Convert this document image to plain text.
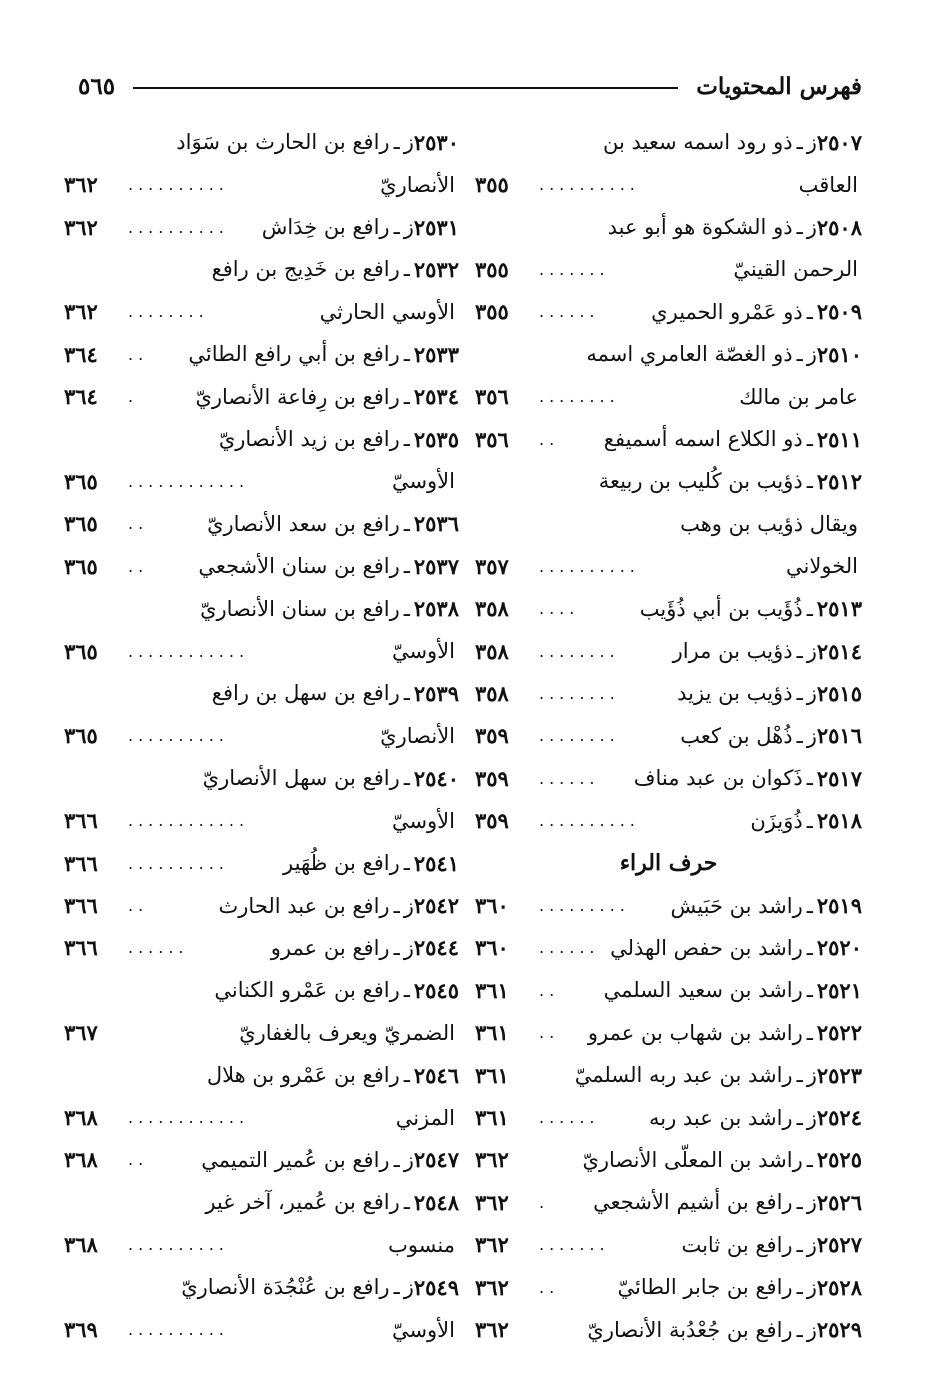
فهرس المحتويات
٥٦٥
٢٥٠٧
ز
ـ
ذو رود اسمه سعيد بن
العاقب
..........
٣٥٥
٢٥٠٨
ز
ـ
ذو الشكوة هو أبو عبد
الرحمن القينيّ
.......
٣٥٥
٢٥٠٩
ـ
ذو عَمْرو الحميري
......
٣٥٥
٢٥١٠
ز
ـ
ذو الغصّة العامري اسمه
عامر بن مالك
........
٣٥٦
٢٥١١
ـ
ذو الكلاع اسمه أسميفع
..
٣٥٦
٢٥١٢
ـ
ذؤيب بن كُليب بن ربيعة
ويقال ذؤيب بن وهب
الخولاني
..........
٣٥٧
٢٥١٣
ـ
ذُؤَيب بن أبي ذُؤَيب
....
٣٥٨
٢٥١٤
ز
ـ
ذؤيب بن مرار
........
٣٥٨
٢٥١٥
ز
ـ
ذؤيب بن يزيد
........
٣٥٨
٢٥١٦
ز
ـ
ذُهْل بن كعب
........
٣٥٩
٢٥١٧
ـ
ذَكوان بن عبد مناف
......
٣٥٩
٢٥١٨
ـ
ذُوَيزَن
..........
٣٥٩
حرف الراء
٢٥١٩
ـ
راشد بن حَبَيش
.........
٣٦٠
٢٥٢٠
ـ
راشد بن حفص الهذلي
......
٣٦٠
٢٥٢١
ـ
راشد بن سعيد السلمي
..
٣٦١
٢٥٢٢
ـ
راشد بن شهاب بن عمرو
..
٣٦١
٢٥٢٣
ز
ـ
راشد بن عبد ربه السلميّ
٣٦١
٢٥٢٤
ز
ـ
راشد بن عبد ربه
......
٣٦١
٢٥٢٥
ـ
راشد بن المعلّى الأنصاريّ
٣٦٢
٢٥٢٦
ز
ـ
رافع بن أشيم الأشجعي
.
٣٦٢
٢٥٢٧
ز
ـ
رافع بن ثابت
.......
٣٦٢
٢٥٢٨
ز
ـ
رافع بن جابر الطائيّ
..
٣٦٢
٢٥٢٩
ز
ـ
رافع بن جُعْدُبة الأنصاريّ
٣٦٢
٢٥٣٠
ز
ـ
رافع بن الحارث بن سَوَاد
الأنصاريّ
..........
٣٦٢
٢٥٣١
ز
ـ
رافع بن خِدَاش
..........
٣٦٢
٢٥٣٢
ـ
رافع بن خَدِيج بن رافع
الأوسي الحارثي
........
٣٦٢
٢٥٣٣
ـ
رافع بن أبي رافع الطائي
..
٣٦٤
٢٥٣٤
ـ
رافع بن رِفاعة الأنصاريّ
.
٣٦٤
٢٥٣٥
ـ
رافع بن زيد الأنصاريّ
الأوسيّ
............
٣٦٥
٢٥٣٦
ـ
رافع بن سعد الأنصاريّ
..
٣٦٥
٢٥٣٧
ـ
رافع بن سنان الأشجعي
..
٣٦٥
٢٥٣٨
ـ
رافع بن سنان الأنصاريّ
الأوسيّ
............
٣٦٥
٢٥٣٩
ـ
رافع بن سهل بن رافع
الأنصاريّ
..........
٣٦٥
٢٥٤٠
ـ
رافع بن سهل الأنصاريّ
الأوسيّ
............
٣٦٦
٢٥٤١
ـ
رافع بن ظُهَير
..........
٣٦٦
٢٥٤٢
ز
ـ
رافع بن عبد الحارث
..
٣٦٦
٢٥٤٤
ز
ـ
رافع بن عمرو
......
٣٦٦
٢٥٤٥
ـ
رافع بن عَمْرو الكناني
الضمريّ ويعرف بالغفاريّ
٣٦٧
٢٥٤٦
ـ
رافع بن عَمْرو بن هلال
المزني
............
٣٦٨
٢٥٤٧
ز
ـ
رافع بن عُمير التميمي
..
٣٦٨
٢٥٤٨
ـ
رافع بن عُمير، آخر غير
منسوب
..........
٣٦٨
٢٥٤٩
ز
ـ
رافع بن عُنْجُدَة الأنصاريّ
الأوسيّ
..........
٣٦٩
